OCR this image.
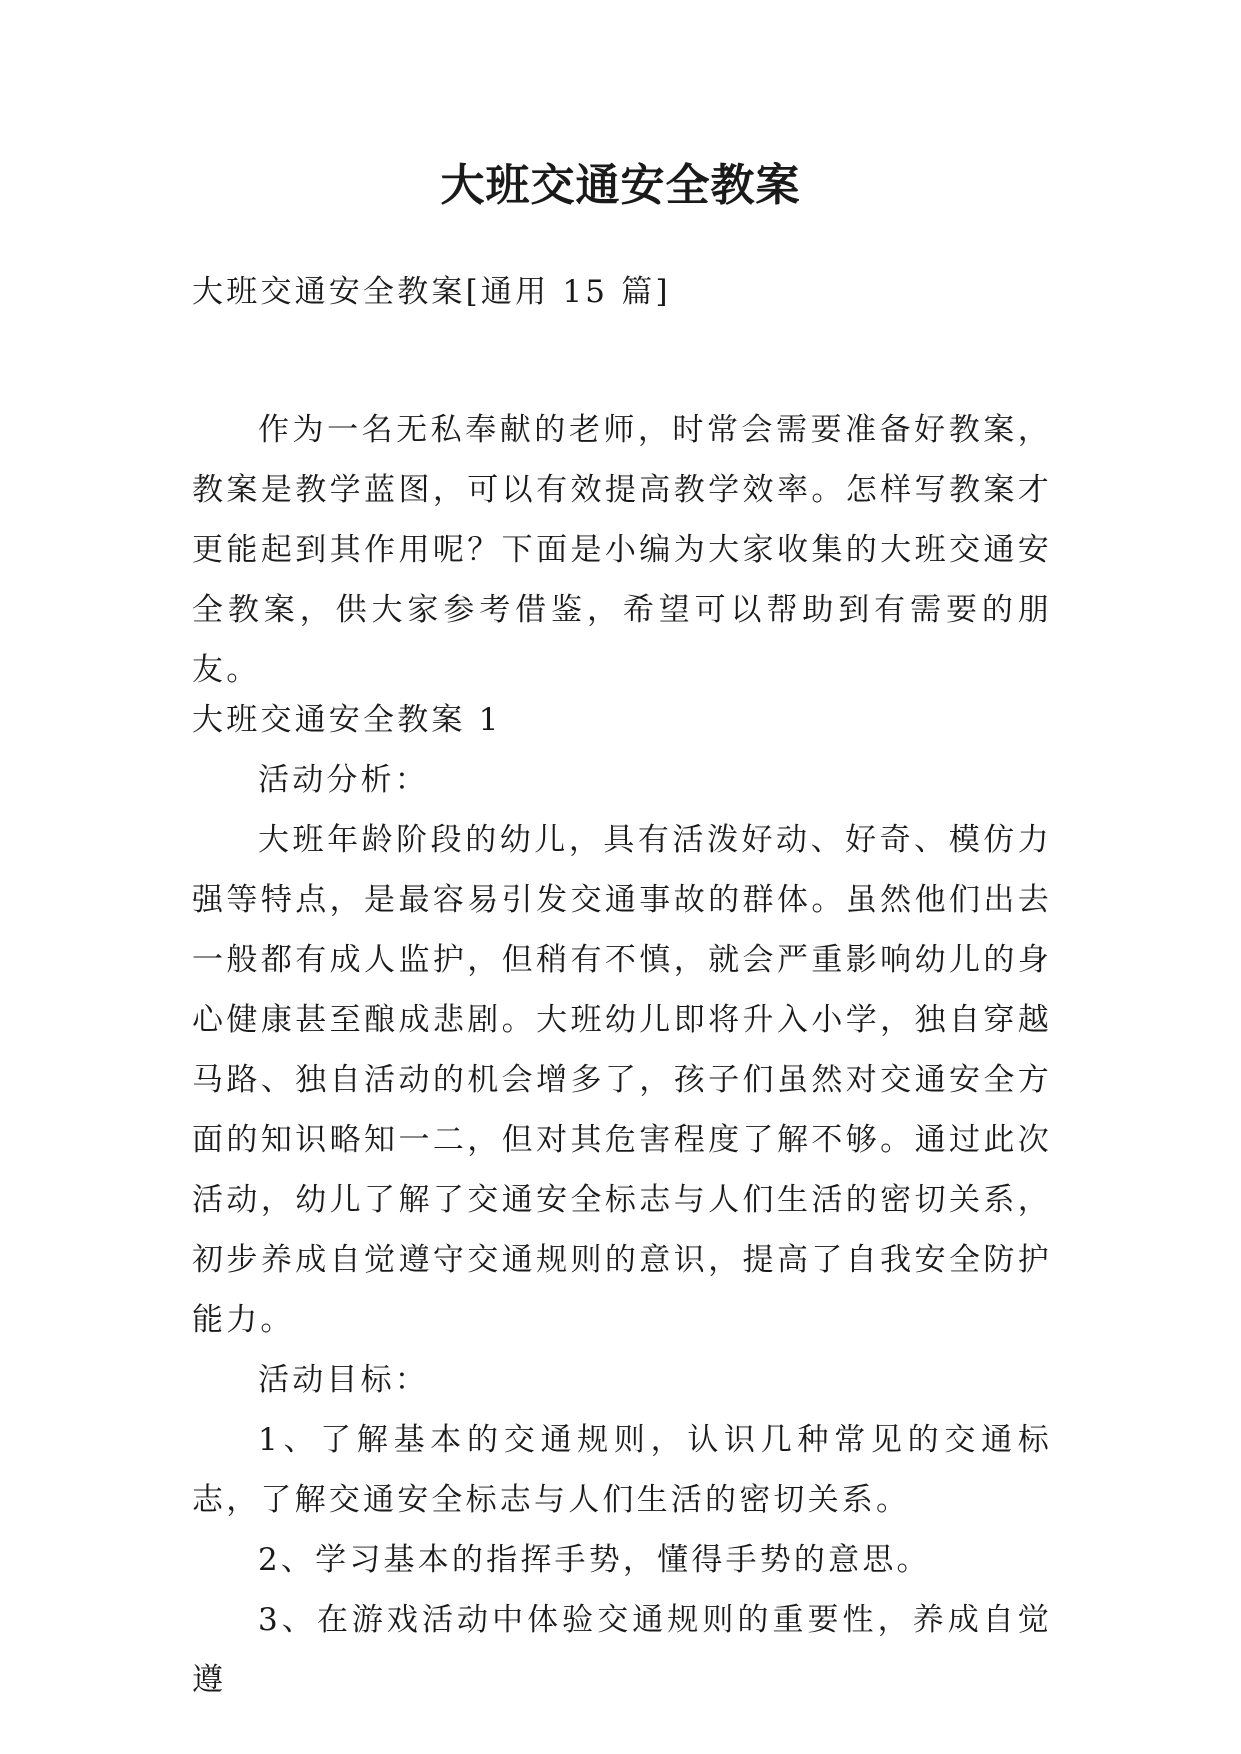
大班交通安全教案

大班交通安全教案[通用 15 篇]

作为一名无私奉献的老师，时常会需要准备好教案，教案是教学蓝图，可以有效提高教学效率。怎样写教案才更能起到其作用呢？下面是小编为大家收集的大班交通安全教案，供大家参考借鉴，希望可以帮助到有需要的朋友。

大班交通安全教案 1

活动分析：

大班年龄阶段的幼儿，具有活泼好动、好奇、模仿力强等特点，是最容易引发交通事故的群体。虽然他们出去一般都有成人监护，但稍有不慎，就会严重影响幼儿的身心健康甚至酿成悲剧。大班幼儿即将升入小学，独自穿越马路、独自活动的机会增多了，孩子们虽然对交通安全方面的知识略知一二，但对其危害程度了解不够。通过此次活动，幼儿了解了交通安全标志与人们生活的密切关系，初步养成自觉遵守交通规则的意识，提高了自我安全防护能力。

活动目标：

1、了解基本的交通规则，认识几种常见的交通标志，了解交通安全标志与人们生活的密切关系。

2、学习基本的指挥手势，懂得手势的意思。

3、在游戏活动中体验交通规则的重要性，养成自觉遵
